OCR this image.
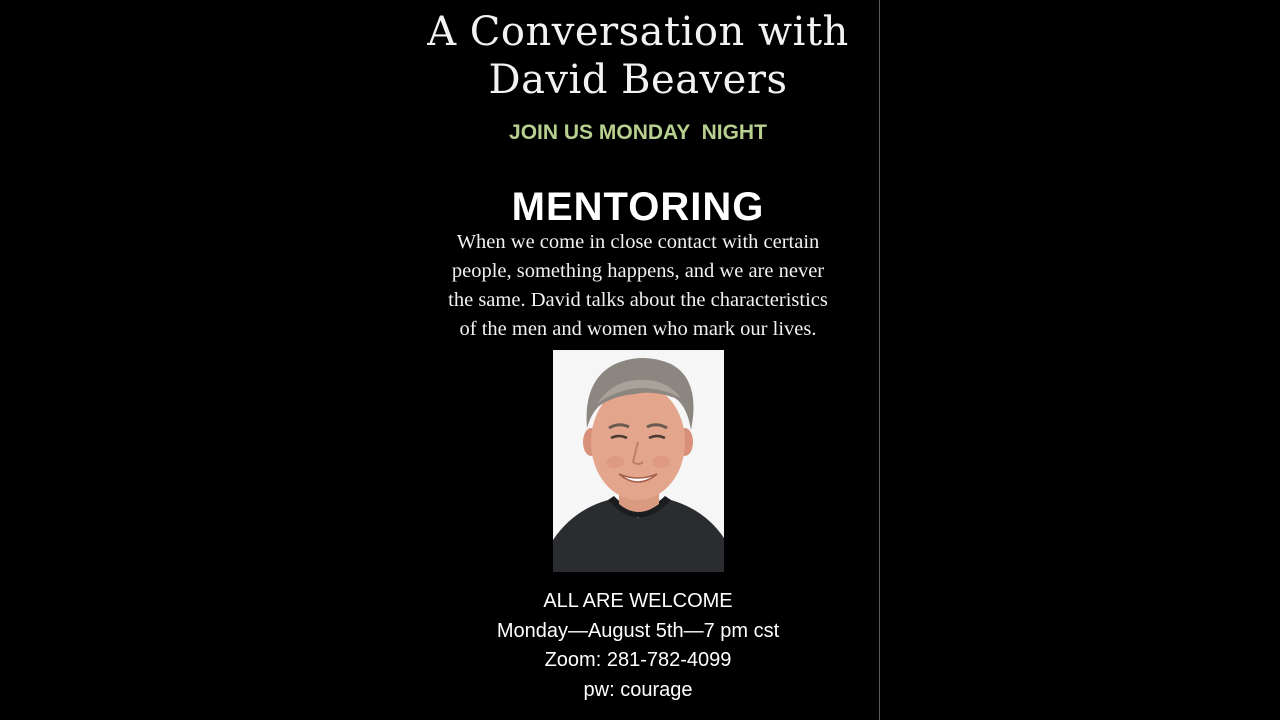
A Conversation with
David Beavers
JOIN US MONDAY  NIGHT
MENTORING
When we come in close contact with certain
people, something happens, and we are never
the same. David talks about the characteristics
of the men and women who mark our lives.
ALL ARE WELCOME
Monday—August 5th—7 pm cst
Zoom: 281-782-4099
pw: courage
